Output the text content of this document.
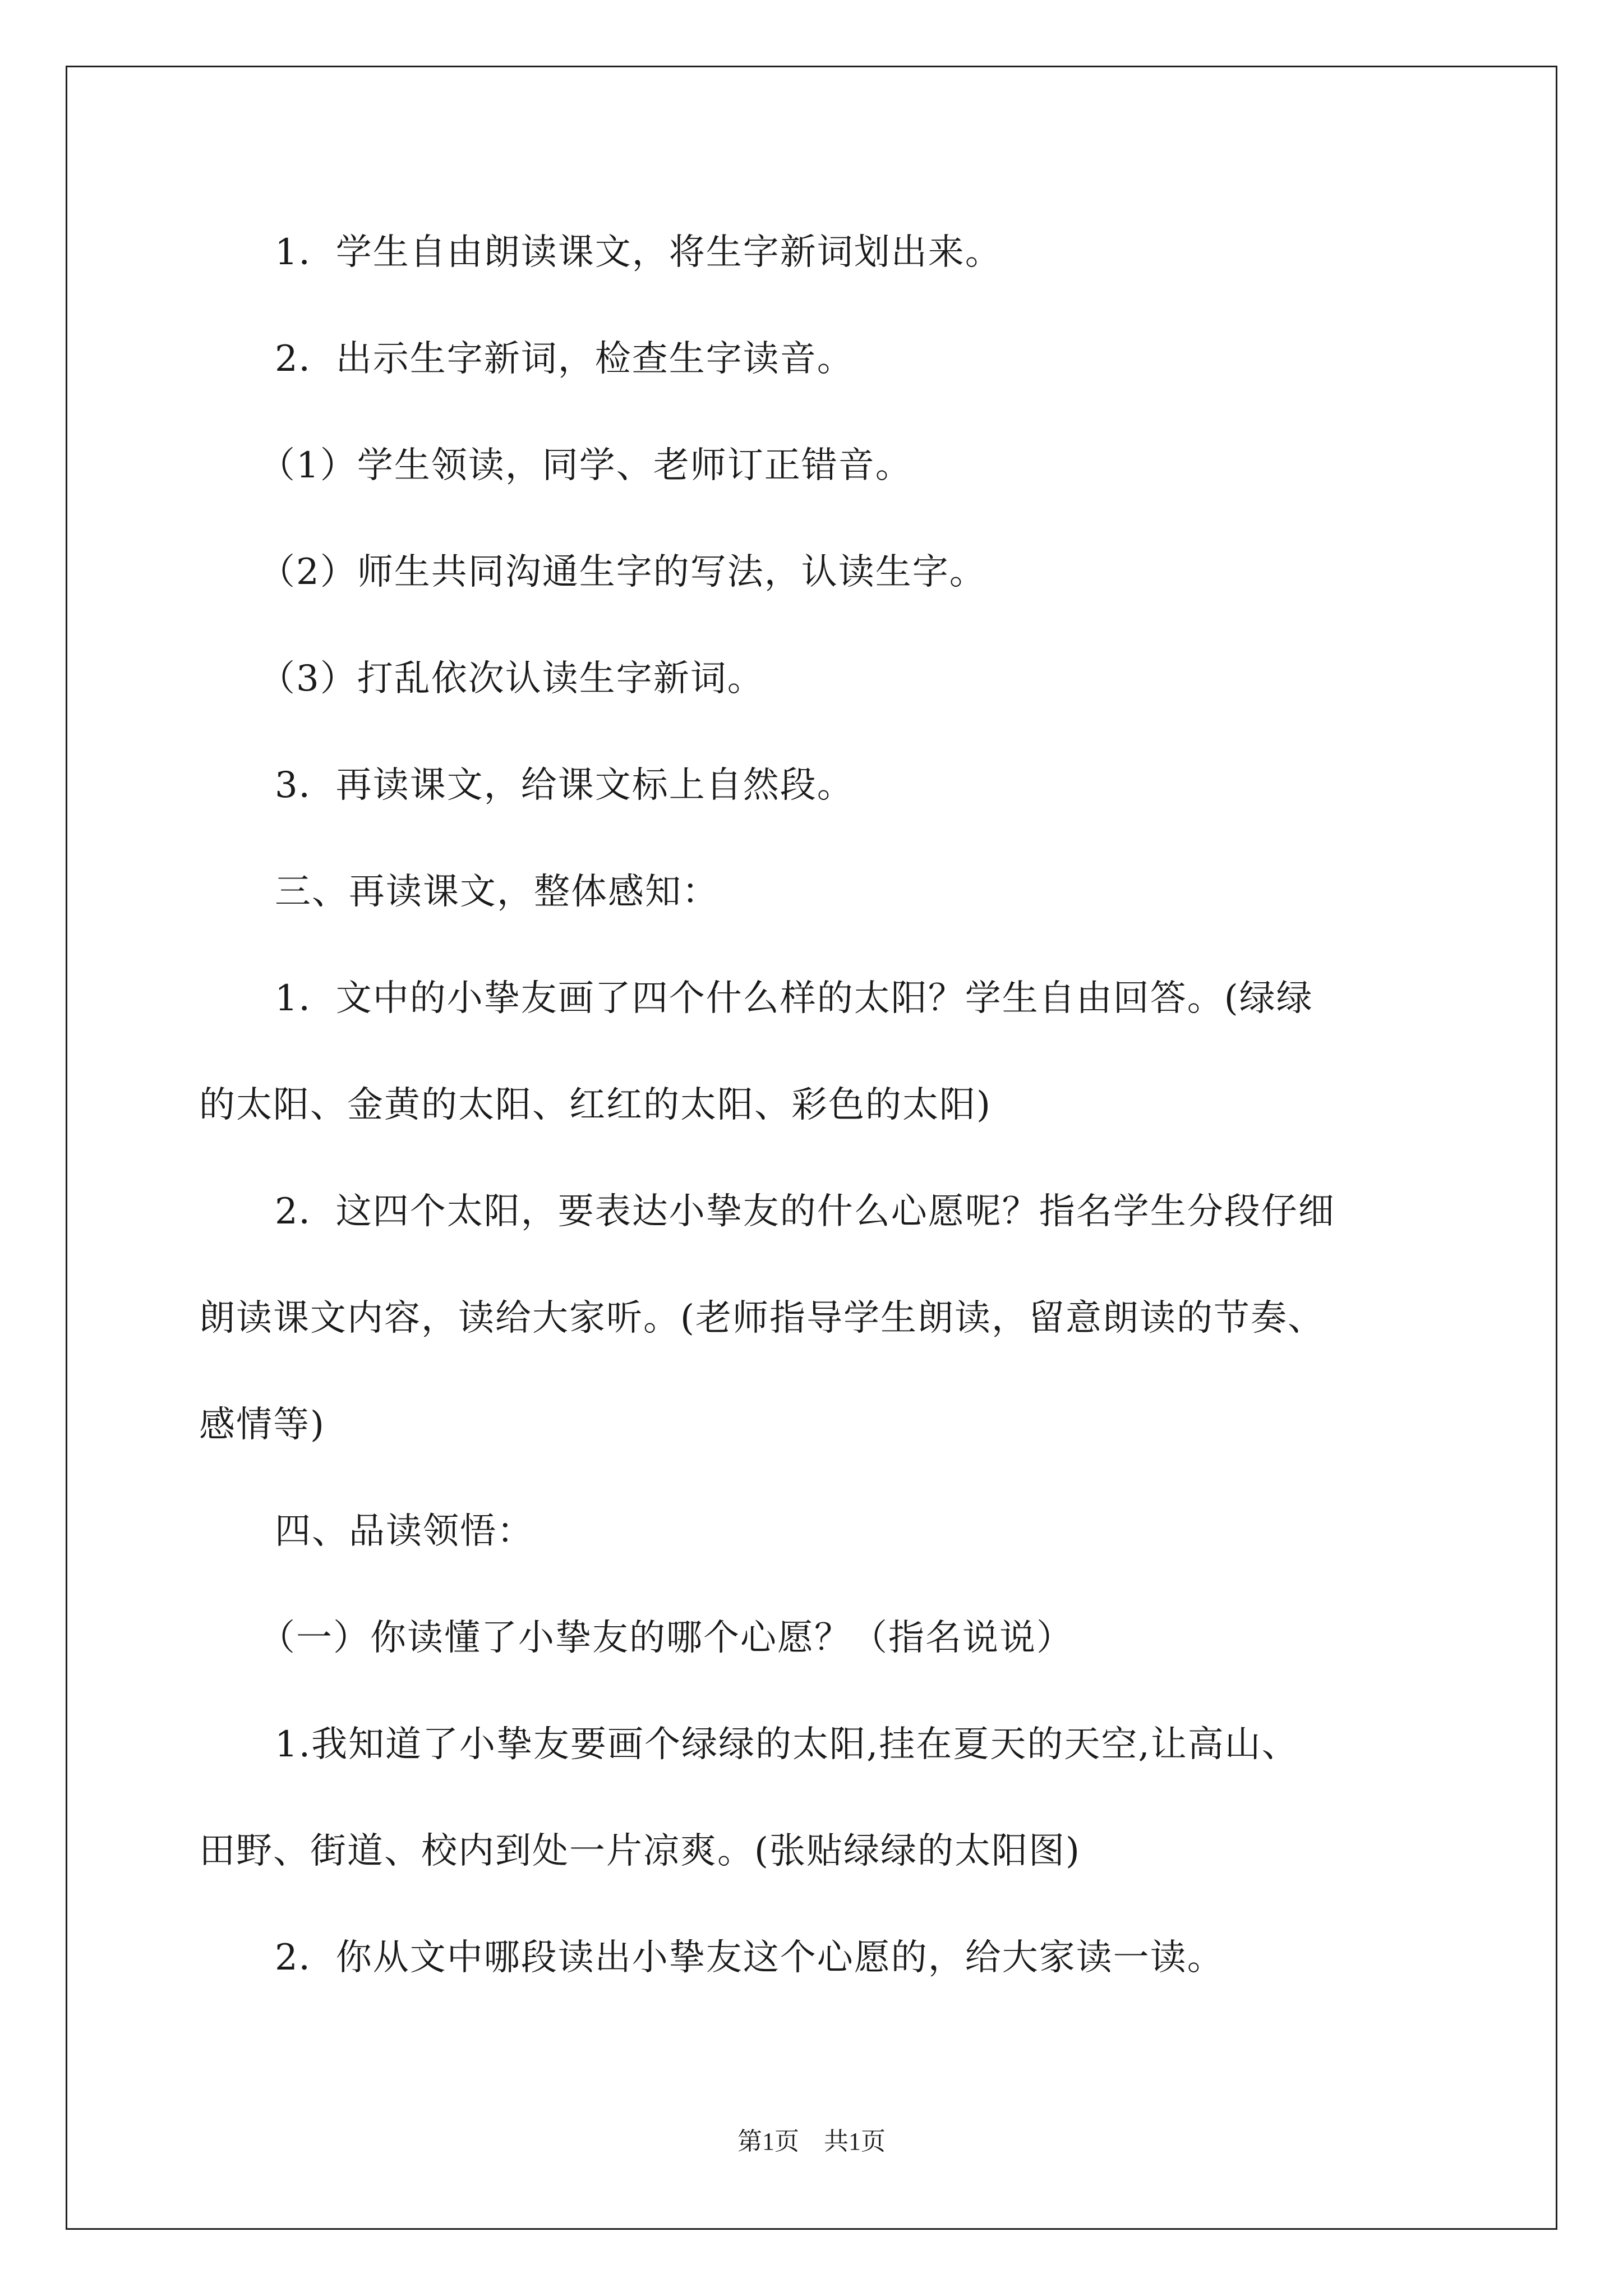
1．学生自由朗读课文，将生字新词划出来。
2．出示生字新词，检查生字读音。
（1）学生领读，同学、老师订正错音。
（2）师生共同沟通生字的写法，认读生字。
（3）打乱依次认读生字新词。
3．再读课文，给课文标上自然段。
三、再读课文，整体感知：
1．文中的小挚友画了四个什么样的太阳？学生自由回答。(绿绿
的太阳、金黄的太阳、红红的太阳、彩色的太阳)
2．这四个太阳，要表达小挚友的什么心愿呢？指名学生分段仔细
朗读课文内容，读给大家听。(老师指导学生朗读，留意朗读的节奏、
感情等)
四、品读领悟：
（一）你读懂了小挚友的哪个心愿？（指名说说）
1.我知道了小挚友要画个绿绿的太阳,挂在夏天的天空,让高山、
田野、街道、校内到处一片凉爽。(张贴绿绿的太阳图)
2．你从文中哪段读出小挚友这个心愿的，给大家读一读。
第1页　共1页
